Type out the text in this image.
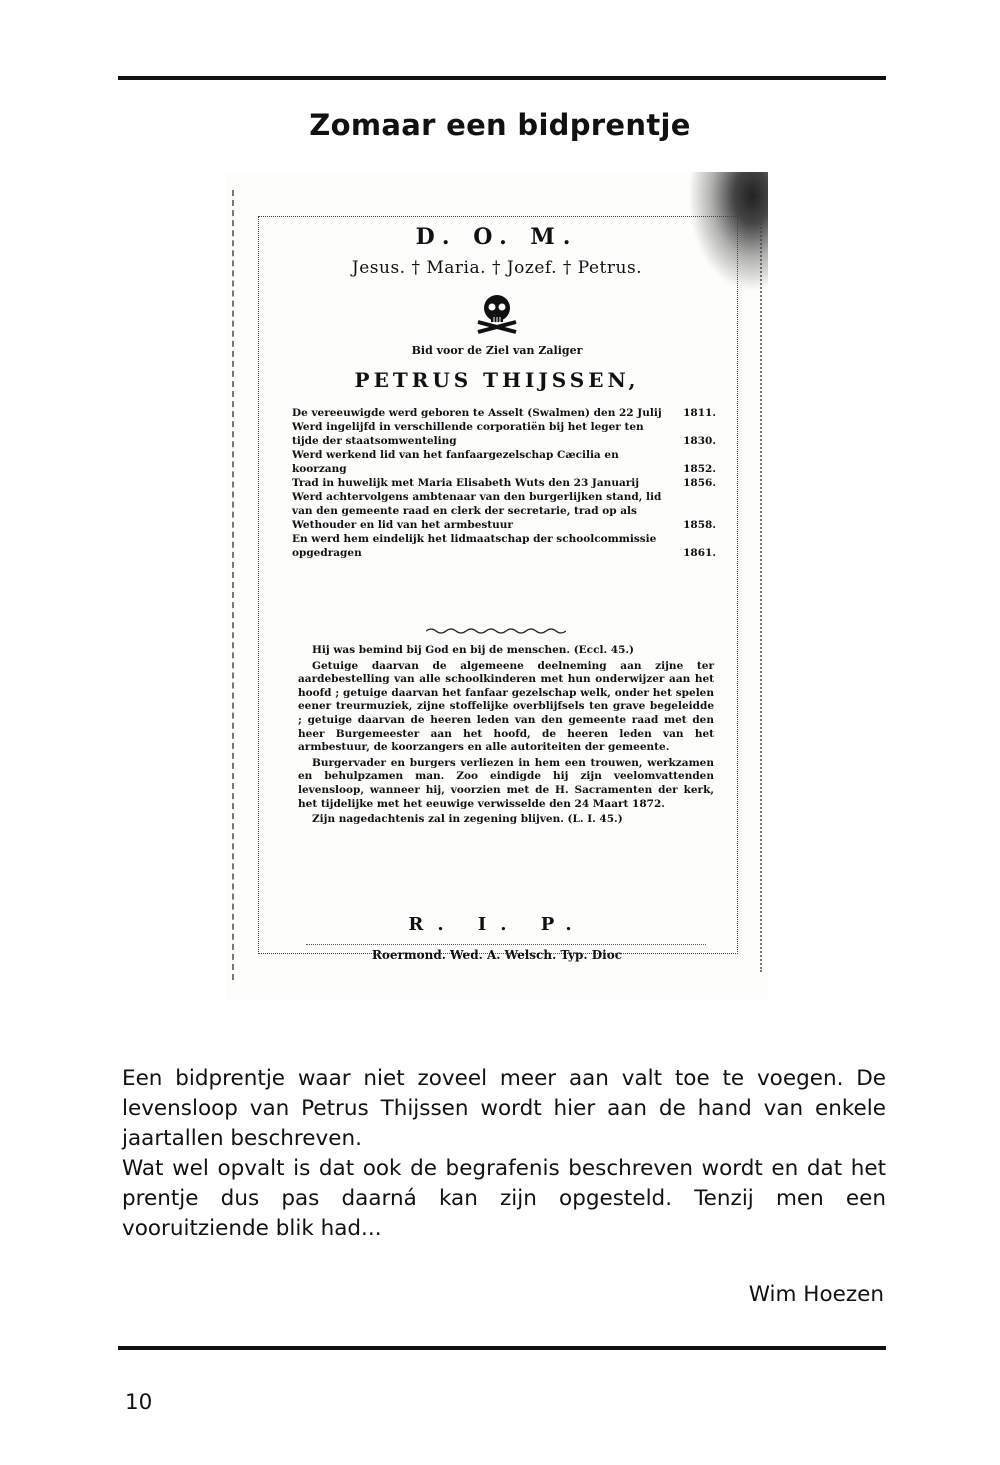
Zomaar een bidprentje
D. O. M.
Jesus. † Maria. † Jozef. † Petrus.
Bid voor de Ziel van Zaliger
PETRUS THIJSSEN,
De vereeuwigde werd geboren te Asselt (Swalmen) den 22 Julij	1811.
Werd ingelijfd in verschillende corporatiën bij het leger ten tijde der staatsomwenteling	1830.
Werd werkend lid van het fanfaargezelschap Cæcilia en koorzang	1852.
Trad in huwelijk met Maria Elisabeth Wuts den 23 Januarij	1856.
Werd achtervolgens ambtenaar van den burgerlijken stand, lid van den gemeente raad en clerk der secretarie, trad op als Wethouder en lid van het armbestuur	1858.
En werd hem eindelijk het lidmaatschap der schoolcommissie opgedragen	1861.

Hij was bemind bij God en bij de menschen. (Eccl. 45.)

Getuige daarvan de algemeene deelneming aan zijne ter aardebestelling van alle schoolkinderen met hun onderwijzer aan het hoofd ; getuige daarvan het fanfaar gezelschap welk, onder het spelen eener treurmuziek, zijne stoffelijke overblijfsels ten grave begeleidde ; getuige daarvan de heeren leden van den gemeente raad met den heer Burgemeester aan het hoofd, de heeren leden van het armbestuur, de koorzangers en alle autoriteiten der gemeente.

Burgervader en burgers verliezen in hem een trouwen, werkzamen en behulpzamen man. Zoo eindigde hij zijn veelomvattenden levensloop, wanneer hij, voorzien met de H. Sacramenten der kerk, het tijdelijke met het eeuwige verwisselde den 24 Maart 1872.

Zijn nagedachtenis zal in zegening blijven. (L. I. 45.)

R. I. P.
Roermond. Wed. A. Welsch. Typ. Dioc

Een bidprentje waar niet zoveel meer aan valt toe te voegen. De levensloop van Petrus Thijssen wordt hier aan de hand van enkele jaartallen beschreven.

Wat wel opvalt is dat ook de begrafenis beschreven wordt en dat het prentje dus pas daarná kan zijn opgesteld. Tenzij men een vooruitziende blik had...

Wim Hoezen
10
